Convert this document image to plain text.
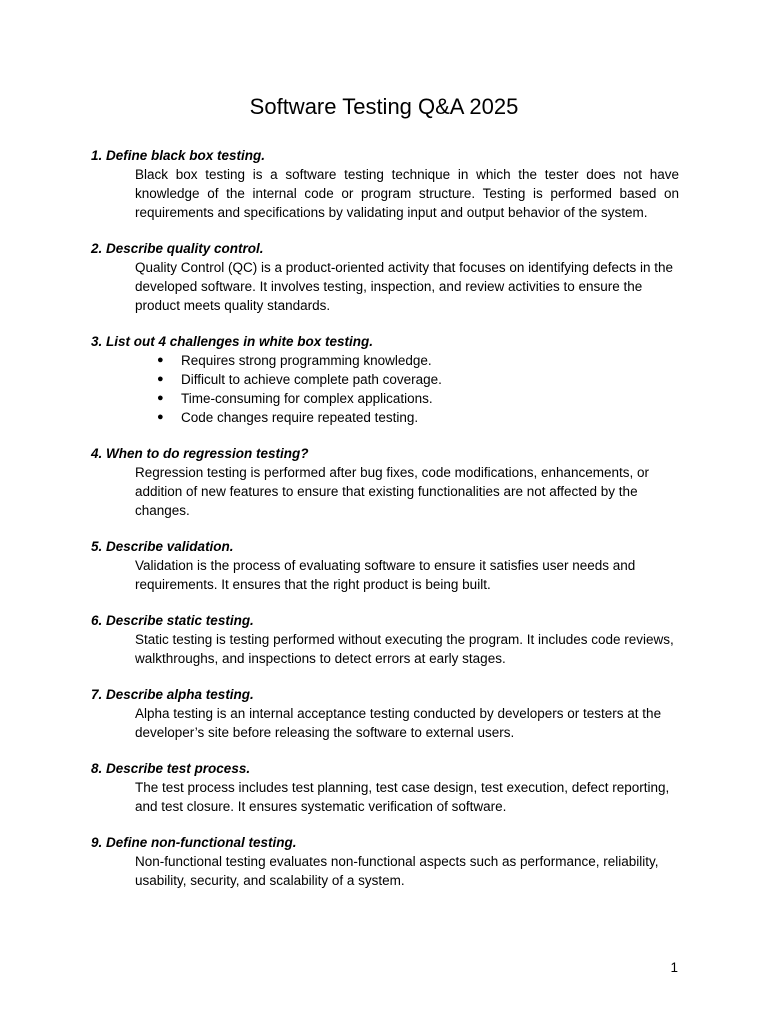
Software Testing Q&A 2025

1. Define black box testing.

Black box testing is a software testing technique in which the tester does not have knowledge of the internal code or program structure. Testing is performed based on requirements and specifications by validating input and output behavior of the system.

2. Describe quality control.

Quality Control (QC) is a product-oriented activity that focuses on identifying defects in the developed software. It involves testing, inspection, and review activities to ensure the product meets quality standards.

3. List out 4 challenges in white box testing.

● Requires strong programming knowledge.
● Difficult to achieve complete path coverage.
● Time-consuming for complex applications.
● Code changes require repeated testing.

4. When to do regression testing?

Regression testing is performed after bug fixes, code modifications, enhancements, or addition of new features to ensure that existing functionalities are not affected by the changes.

5. Describe validation.

Validation is the process of evaluating software to ensure it satisfies user needs and requirements. It ensures that the right product is being built.

6. Describe static testing.

Static testing is testing performed without executing the program. It includes code reviews, walkthroughs, and inspections to detect errors at early stages.

7. Describe alpha testing.

Alpha testing is an internal acceptance testing conducted by developers or testers at the developer’s site before releasing the software to external users.

8. Describe test process.

The test process includes test planning, test case design, test execution, defect reporting, and test closure. It ensures systematic verification of software.

9. Define non-functional testing.

Non-functional testing evaluates non-functional aspects such as performance, reliability, usability, security, and scalability of a system.

1
